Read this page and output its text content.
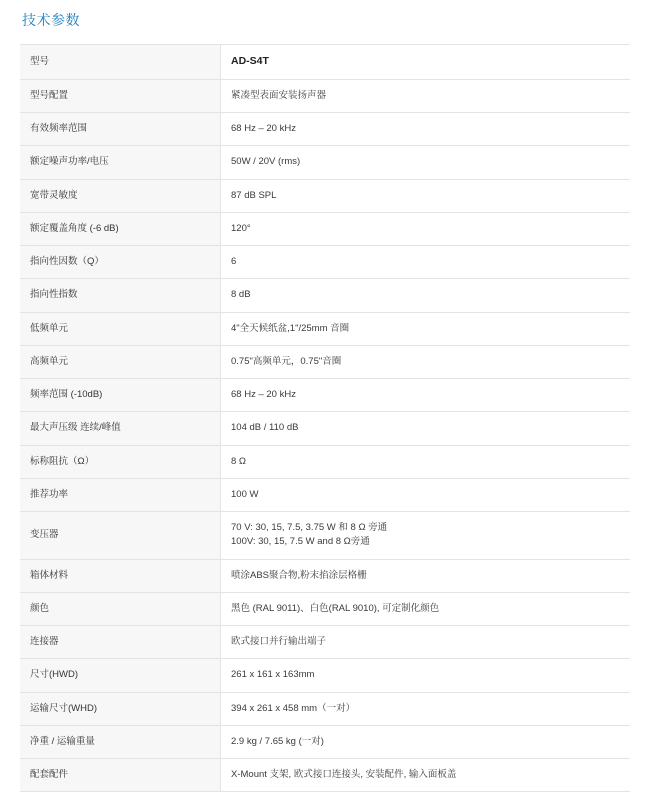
技术参数
型号	AD-S4T

型号配置	紧凑型表面安装扬声器

有效频率范围	68 Hz – 20 kHz

额定噪声功率/电压	50W / 20V (rms)

宽带灵敏度	87 dB SPL

额定覆盖角度 (-6 dB)	120°

指向性因数（Q）	6

指向性指数	8 dB

低频单元	4"全天候纸盆,1"/25mm 音圈

高频单元	0.75"高频单元，0.75"音圈

频率范围 (-10dB)	68 Hz – 20 kHz

最大声压级 连续/峰值	104 dB / 110 dB

标称阻抗（Ω）	8 Ω

推荐功率	100 W

变压器	70 V: 30, 15, 7.5, 3.75 W 和 8 Ω 旁通
100V: 30, 15, 7.5 W and 8 Ω旁通

箱体材料	喷涂ABS聚合物,粉末掐涂层格栅

颜色	黑色 (RAL 9011)、白色(RAL 9010), 可定制化颜色

连接器	欧式接口并行输出端子

尺寸(HWD)	261 x 161 x 163mm

运输尺寸(WHD)	394 x 261 x 458 mm（一对）

净重 / 运输重量	2.9 kg / 7.65 kg (一对)

配套配件	X-Mount 支架, 欧式接口连接头, 安装配件, 输入面板盖
